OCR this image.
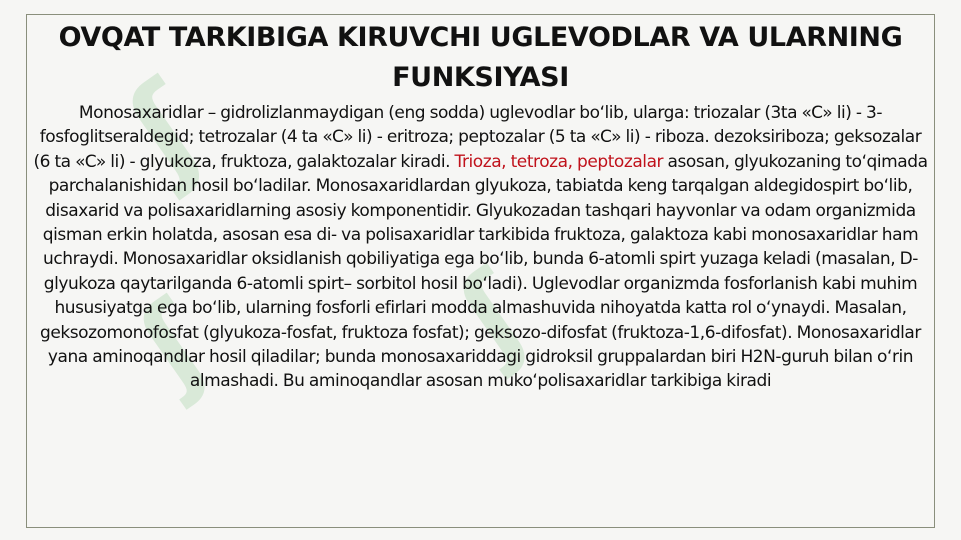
ʃ
ʃ ʃ
OVQAT TARKIBIGA KIRUVCHI UGLEVODLAR VA ULARNING FUNKSIYASI

Monosaxaridlar – gidrolizlanmaydigan (eng sodda) uglevodlar bo‘lib, ularga: triozalar (3ta «C» li) - 3-fosfoglitseraldegid; tetrozalar (4 ta «C» li) - eritroza; peptozalar (5 ta «C» li) - riboza. dezoksiriboza; geksozalar (6 ta «C» li) - glyukoza, fruktoza, galaktozalar kiradi. Trioza, tetroza, peptozalar asosan, glyukozaning to‘qimada parchalanishidan hosil bo‘ladilar. Monosaxaridlardan glyukoza, tabiatda keng tarqalgan aldegidospirt bo‘lib, disaxarid va polisaxaridlarning asosiy komponentidir. Glyukozadan tashqari hayvonlar va odam organizmida qisman erkin holatda, asosan esa di- va polisaxaridlar tarkibida fruktoza, galaktoza kabi monosaxaridlar ham uchraydi. Monosaxaridlar oksidlanish qobiliyatiga ega bo‘lib, bunda 6-atomli spirt yuzaga keladi (masalan, D-glyukoza qaytarilganda 6-atomli spirt– sorbitol hosil bo‘ladi). Uglevodlar organizmda fosforlanish kabi muhim hususiyatga ega bo‘lib, ularning fosforli efirlari modda almashuvida nihoyatda katta rol o‘ynaydi. Masalan, geksozomonofosfat (glyukoza-fosfat, fruktoza fosfat); geksozo-difosfat (fruktoza-1,6-difosfat). Monosaxaridlar yana aminoqandlar hosil qiladilar; bunda monosaxariddagi gidroksil gruppalardan biri H2N-guruh bilan o‘rin almashadi. Bu aminoqandlar asosan muko‘polisaxaridlar tarkibiga kiradi
